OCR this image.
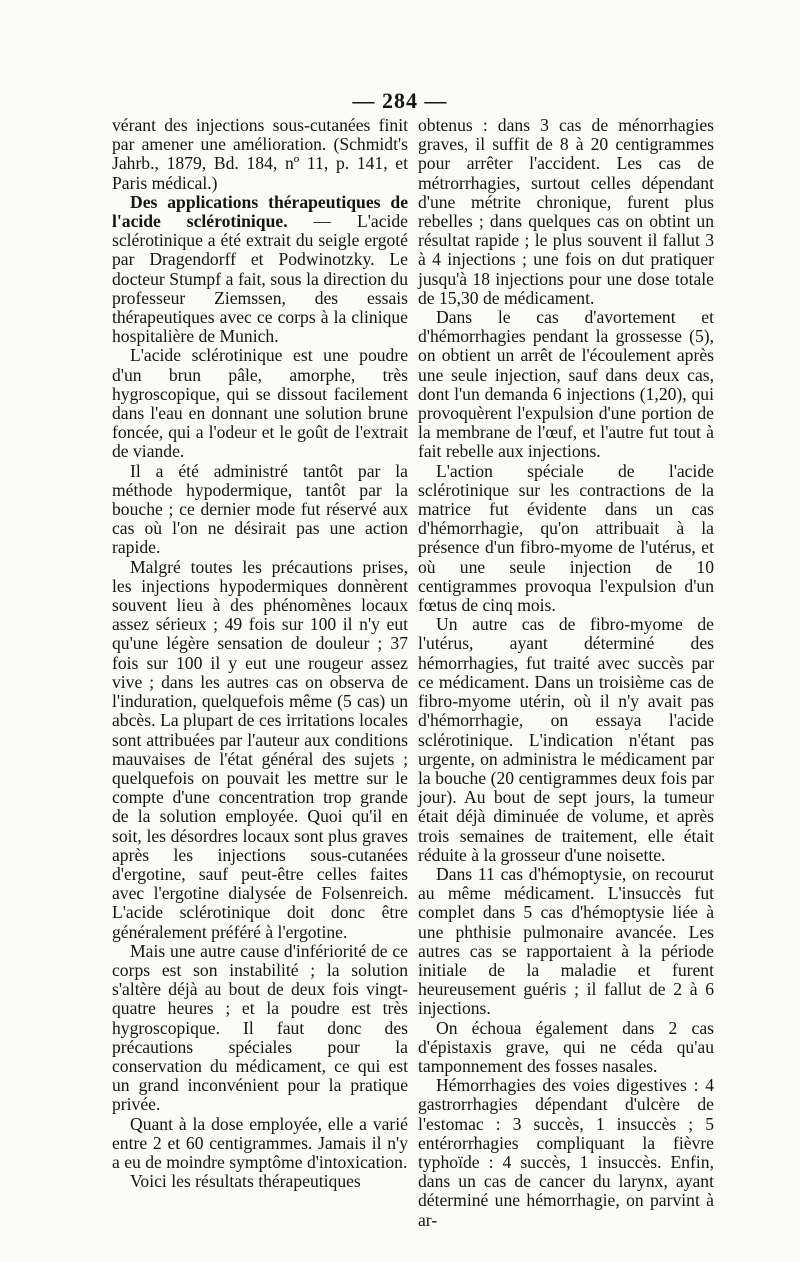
— 284 —

vérant des injections sous-cutanées finit par amener une amélioration. (Schmidt's Jahrb., 1879, Bd. 184, nº 11, p. 141, et Paris médical.)

Des applications thérapeutiques de l'acide sclérotinique. — L'acide sclérotinique a été extrait du seigle ergoté par Dragendorff et Podwinotzky. Le docteur Stumpf a fait, sous la direction du professeur Ziemssen, des essais thérapeutiques avec ce corps à la clinique hospitalière de Munich.

L'acide sclérotinique est une poudre d'un brun pâle, amorphe, très hygroscopique, qui se dissout facilement dans l'eau en donnant une solution brune foncée, qui a l'odeur et le goût de l'extrait de viande.

Il a été administré tantôt par la méthode hypodermique, tantôt par la bouche ; ce dernier mode fut réservé aux cas où l'on ne désirait pas une action rapide.

Malgré toutes les précautions prises, les injections hypodermiques donnèrent souvent lieu à des phénomènes locaux assez sérieux ; 49 fois sur 100 il n'y eut qu'une légère sensation de douleur ; 37 fois sur 100 il y eut une rougeur assez vive ; dans les autres cas on observa de l'induration, quelquefois même (5 cas) un abcès. La plupart de ces irritations locales sont attribuées par l'auteur aux conditions mauvaises de l'état général des sujets ; quelquefois on pouvait les mettre sur le compte d'une concentration trop grande de la solution employée. Quoi qu'il en soit, les désordres locaux sont plus graves après les injections sous-cutanées d'ergotine, sauf peut-être celles faites avec l'ergotine dialysée de Folsenreich. L'acide sclérotinique doit donc être généralement préféré à l'ergotine.

Mais une autre cause d'infériorité de ce corps est son instabilité ; la solution s'altère déjà au bout de deux fois vingt-quatre heures ; et la poudre est très hygroscopique. Il faut donc des précautions spéciales pour la conservation du médicament, ce qui est un grand inconvénient pour la pratique privée.

Quant à la dose employée, elle a varié entre 2 et 60 centigrammes. Jamais il n'y a eu de moindre symptôme d'intoxication.

Voici les résultats thérapeutiques

obtenus : dans 3 cas de ménorrhagies graves, il suffit de 8 à 20 centigrammes pour arrêter l'accident. Les cas de métrorrhagies, surtout celles dépendant d'une métrite chronique, furent plus rebelles ; dans quelques cas on obtint un résultat rapide ; le plus souvent il fallut 3 à 4 injections ; une fois on dut pratiquer jusqu'à 18 injections pour une dose totale de 15,30 de médicament.

Dans le cas d'avortement et d'hémorrhagies pendant la grossesse (5), on obtient un arrêt de l'écoulement après une seule injection, sauf dans deux cas, dont l'un demanda 6 injections (1,20), qui provoquèrent l'expulsion d'une portion de la membrane de l'œuf, et l'autre fut tout à fait rebelle aux injections.

L'action spéciale de l'acide sclérotinique sur les contractions de la matrice fut évidente dans un cas d'hémorrhagie, qu'on attribuait à la présence d'un fibro-myome de l'utérus, et où une seule injection de 10 centigrammes provoqua l'expulsion d'un fœtus de cinq mois.

Un autre cas de fibro-myome de l'utérus, ayant déterminé des hémorrhagies, fut traité avec succès par ce médicament. Dans un troisième cas de fibro-myome utérin, où il n'y avait pas d'hémorrhagie, on essaya l'acide sclérotinique. L'indication n'étant pas urgente, on administra le médicament par la bouche (20 centigrammes deux fois par jour). Au bout de sept jours, la tumeur était déjà diminuée de volume, et après trois semaines de traitement, elle était réduite à la grosseur d'une noisette.

Dans 11 cas d'hémoptysie, on recourut au même médicament. L'insuccès fut complet dans 5 cas d'hémoptysie liée à une phthisie pulmonaire avancée. Les autres cas se rapportaient à la période initiale de la maladie et furent heureusement guéris ; il fallut de 2 à 6 injections.

On échoua également dans 2 cas d'épistaxis grave, qui ne céda qu'au tamponnement des fosses nasales.

Hémorrhagies des voies digestives : 4 gastrorrhagies dépendant d'ulcère de l'estomac : 3 succès, 1 insuccès ; 5 entérorrhagies compliquant la fièvre typhoïde : 4 succès, 1 insuccès. Enfin, dans un cas de cancer du larynx, ayant déterminé une hémorrhagie, on parvint à ar-
